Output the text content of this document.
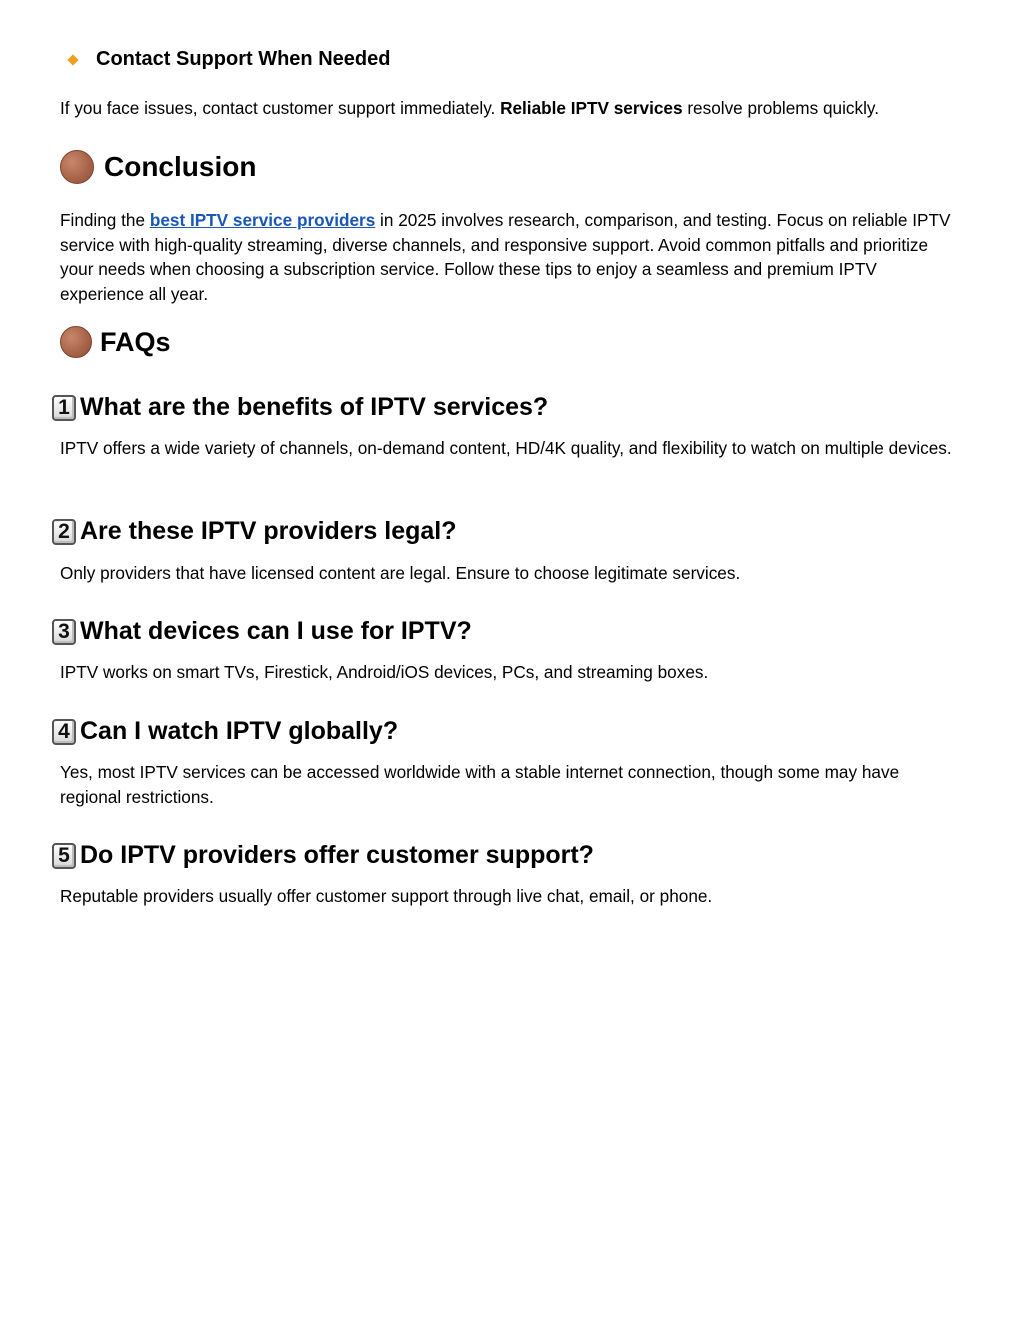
Contact Support When Needed
If you face issues, contact customer support immediately. Reliable IPTV services resolve problems quickly.
Conclusion
Finding the best IPTV service providers in 2025 involves research, comparison, and testing. Focus on reliable IPTV service with high-quality streaming, diverse channels, and responsive support. Avoid common pitfalls and prioritize your needs when choosing a subscription service. Follow these tips to enjoy a seamless and premium IPTV experience all year.
FAQs
1 What are the benefits of IPTV services?
IPTV offers a wide variety of channels, on-demand content, HD/4K quality, and flexibility to watch on multiple devices.
2 Are these IPTV providers legal?
Only providers that have licensed content are legal. Ensure to choose legitimate services.
3 What devices can I use for IPTV?
IPTV works on smart TVs, Firestick, Android/iOS devices, PCs, and streaming boxes.
4 Can I watch IPTV globally?
Yes, most IPTV services can be accessed worldwide with a stable internet connection, though some may have regional restrictions.
5 Do IPTV providers offer customer support?
Reputable providers usually offer customer support through live chat, email, or phone.
